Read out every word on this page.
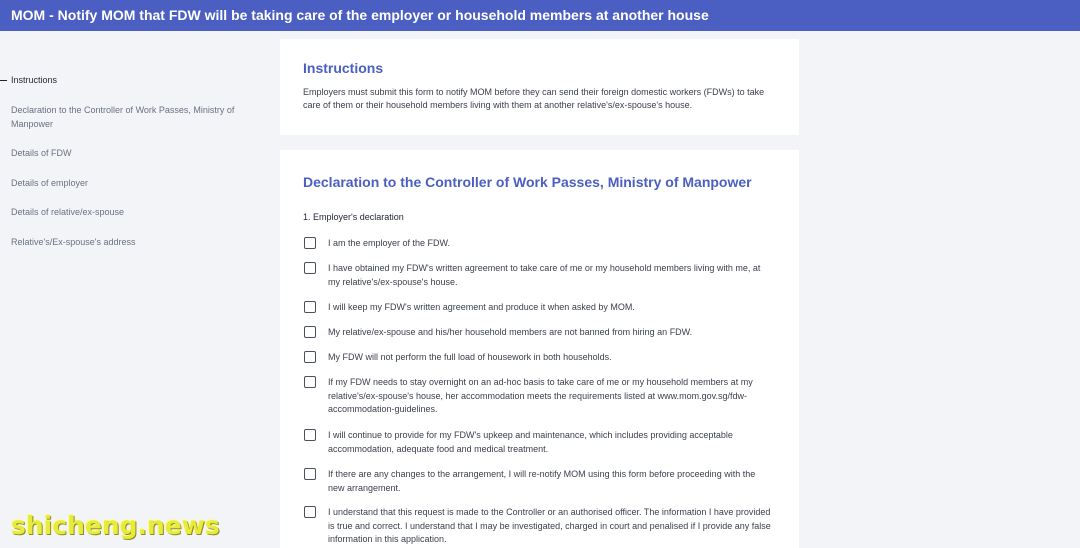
MOM - Notify MOM that FDW will be taking care of the employer or household members at another house
Instructions
Declaration to the Controller of Work Passes, Ministry of Manpower
Details of FDW
Details of employer
Details of relative/ex-spouse
Relative's/Ex-spouse's address
Instructions
Employers must submit this form to notify MOM before they can send their foreign domestic workers (FDWs) to take care of them or their household members living with them at another relative's/ex-spouse's house.
Declaration to the Controller of Work Passes, Ministry of Manpower
1. Employer's declaration
I am the employer of the FDW.
I have obtained my FDW's written agreement to take care of me or my household members living with me, at my relative's/ex-spouse's house.
I will keep my FDW's written agreement and produce it when asked by MOM.
My relative/ex-spouse and his/her household members are not banned from hiring an FDW.
My FDW will not perform the full load of housework in both households.
If my FDW needs to stay overnight on an ad-hoc basis to take care of me or my household members at my relative's/ex-spouse's house, her accommodation meets the requirements listed at www.mom.gov.sg/fdw-accommodation-guidelines.
I will continue to provide for my FDW's upkeep and maintenance, which includes providing acceptable accommodation, adequate food and medical treatment.
If there are any changes to the arrangement, I will re-notify MOM using this form before proceeding with the new arrangement.
I understand that this request is made to the Controller or an authorised officer. The information I have provided is true and correct. I understand that I may be investigated, charged in court and penalised if I provide any false information in this application.
shicheng.news
